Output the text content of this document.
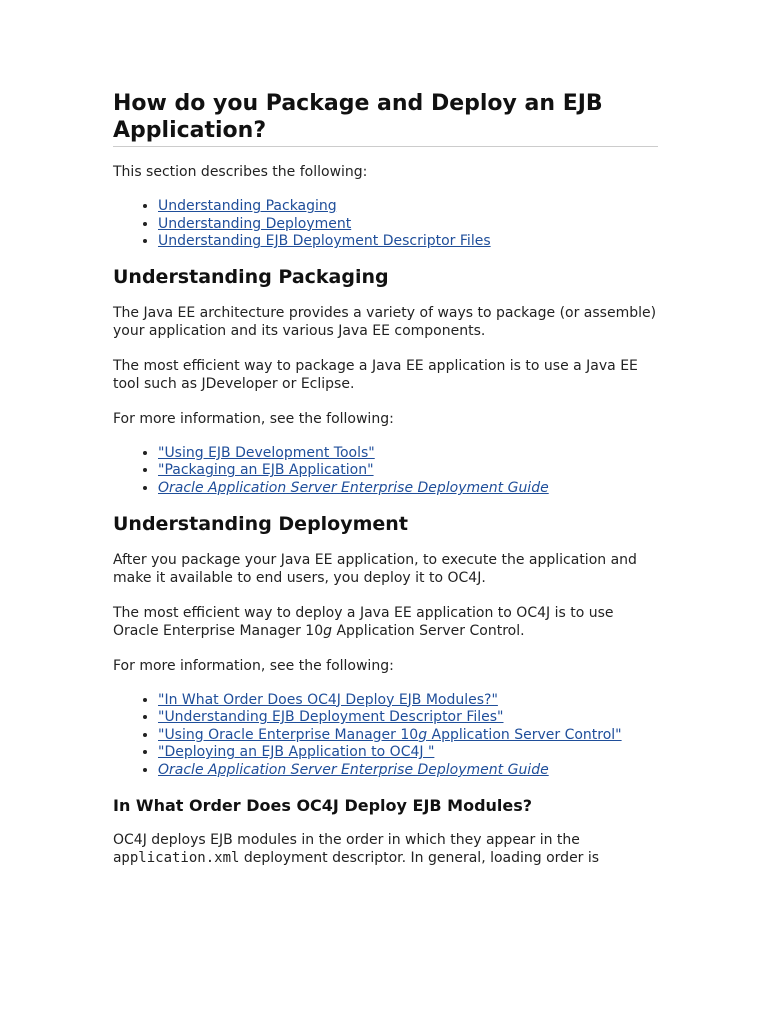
How do you Package and Deploy an EJB Application?

This section describes the following:

• Understanding Packaging
• Understanding Deployment
• Understanding EJB Deployment Descriptor Files
Understanding Packaging

The Java EE architecture provides a variety of ways to package (or assemble) your application and its various Java EE components.

The most efficient way to package a Java EE application is to use a Java EE tool such as JDeveloper or Eclipse.

For more information, see the following:

• "Using EJB Development Tools"
• "Packaging an EJB Application"
• Oracle Application Server Enterprise Deployment Guide
Understanding Deployment

After you package your Java EE application, to execute the application and make it available to end users, you deploy it to OC4J.

The most efficient way to deploy a Java EE application to OC4J is to use Oracle Enterprise Manager 10g Application Server Control.

For more information, see the following:

• "In What Order Does OC4J Deploy EJB Modules?"
• "Understanding EJB Deployment Descriptor Files"
• "Using Oracle Enterprise Manager 10g Application Server Control"
• "Deploying an EJB Application to OC4J "
• Oracle Application Server Enterprise Deployment Guide
In What Order Does OC4J Deploy EJB Modules?

OC4J deploys EJB modules in the order in which they appear in the application.xml deployment descriptor. In general, loading order is
